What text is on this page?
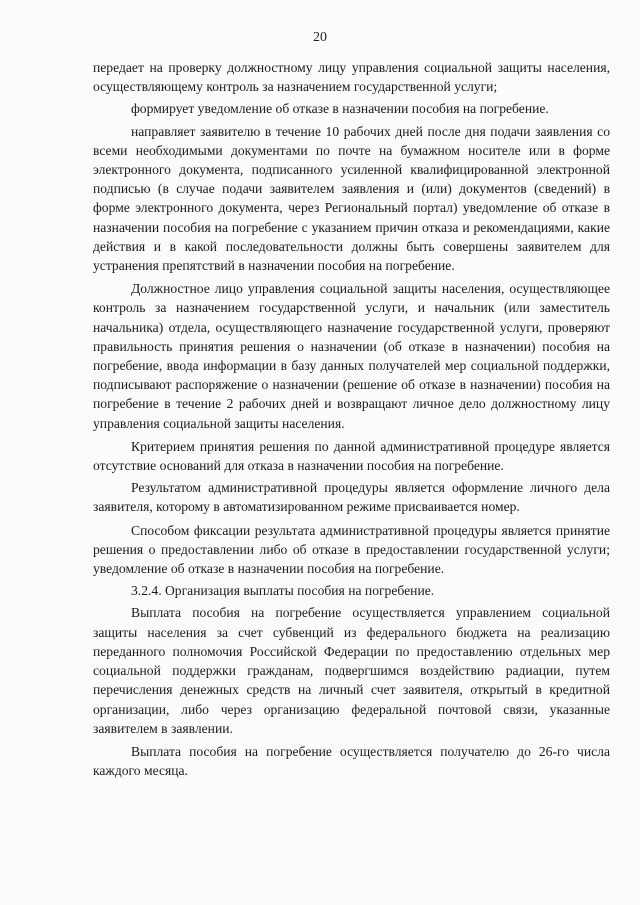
20

передает на проверку должностному лицу управления социальной защиты населения, осуществляющему контроль за назначением государственной услуги;

формирует уведомление об отказе в назначении пособия на погребение.

направляет заявителю в течение 10 рабочих дней после дня подачи заявления со всеми необходимыми документами по почте на бумажном носителе или в форме электронного документа, подписанного усиленной квалифицированной электронной подписью (в случае подачи заявителем заявления и (или) документов (сведений) в форме электронного документа, через Региональный портал) уведомление об отказе в назначении пособия на погребение с указанием причин отказа и рекомендациями, какие действия и в какой последовательности должны быть совершены заявителем для устранения препятствий в назначении пособия на погребение.

Должностное лицо управления социальной защиты населения, осуществляющее контроль за назначением государственной услуги, и начальник (или заместитель начальника) отдела, осуществляющего назначение государственной услуги, проверяют правильность принятия решения о назначении (об отказе в назначении) пособия на погребение, ввода информации в базу данных получателей мер социальной поддержки, подписывают распоряжение о назначении (решение об отказе в назначении) пособия на погребение в течение 2 рабочих дней и возвращают личное дело должностному лицу управления социальной защиты населения.

Критерием принятия решения по данной административной процедуре является отсутствие оснований для отказа в назначении пособия на погребение.

Результатом административной процедуры является оформление личного дела заявителя, которому в автоматизированном режиме присваивается номер.

Способом фиксации результата административной процедуры является принятие решения о предоставлении либо об отказе в предоставлении государственной услуги; уведомление об отказе в назначении пособия на погребение.

3.2.4. Организация выплаты пособия на погребение.

Выплата пособия на погребение осуществляется управлением социальной защиты населения за счет субвенций из федерального бюджета на реализацию переданного полномочия Российской Федерации по предоставлению отдельных мер социальной поддержки гражданам, подвергшимся воздействию радиации, путем перечисления денежных средств на личный счет заявителя, открытый в кредитной организации, либо через организацию федеральной почтовой связи, указанные заявителем в заявлении.

Выплата пособия на погребение осуществляется получателю до 26-го числа каждого месяца.
